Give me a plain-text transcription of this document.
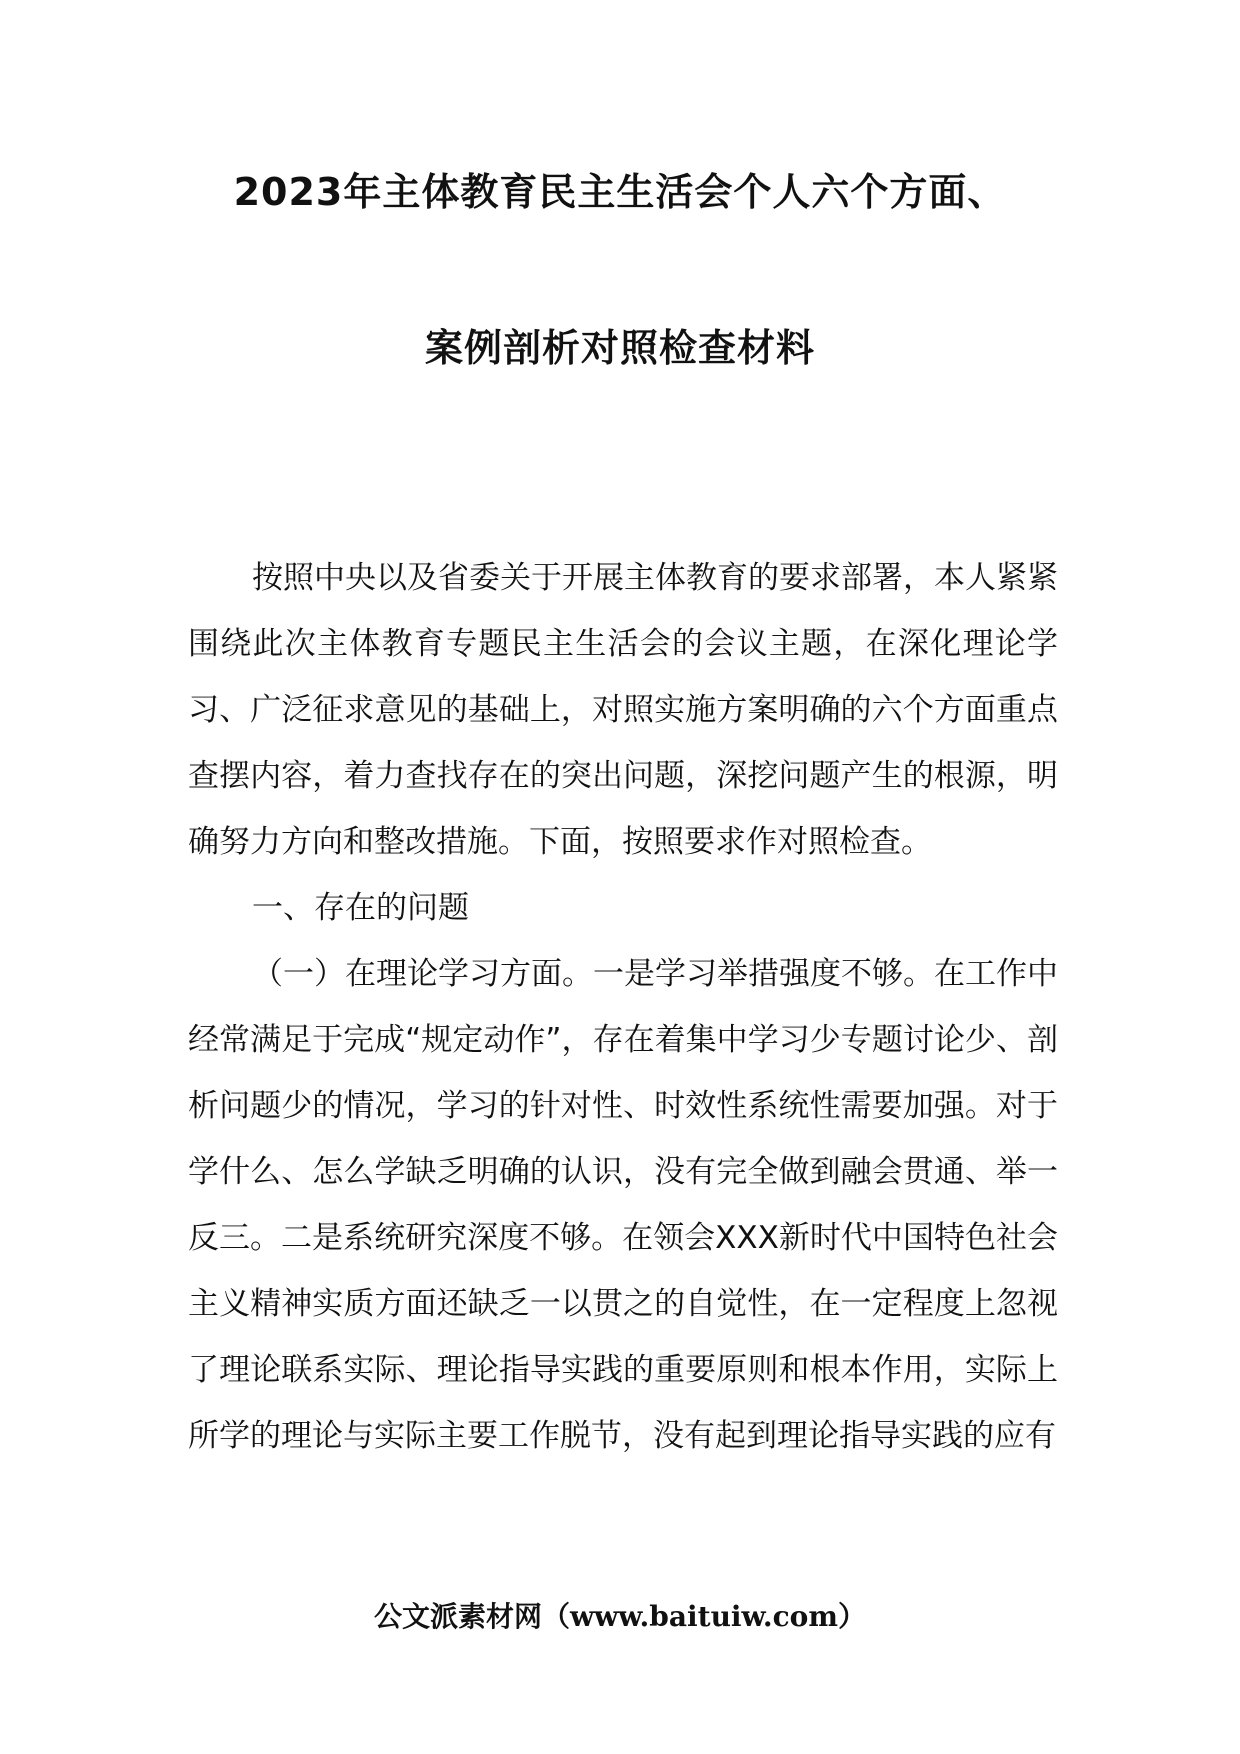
2023年主体教育民主生活会个人六个方面、
案例剖析对照检查材料

按照中央以及省委关于开展主体教育的要求部署，本人紧紧围绕此次主体教育专题民主生活会的会议主题，在深化理论学习、广泛征求意见的基础上，对照实施方案明确的六个方面重点查摆内容，着力查找存在的突出问题，深挖问题产生的根源，明确努力方向和整改措施。下面，按照要求作对照检查。

一、存在的问题

（一）在理论学习方面。一是学习举措强度不够。在工作中经常满足于完成“规定动作”，存在着集中学习少专题讨论少、剖析问题少的情况，学习的针对性、时效性系统性需要加强。对于学什么、怎么学缺乏明确的认识，没有完全做到融会贯通、举一反三。二是系统研究深度不够。在领会XXX新时代中国特色社会主义精神实质方面还缺乏一以贯之的自觉性，在一定程度上忽视了理论联系实际、理论指导实践的重要原则和根本作用，实际上所学的理论与实际主要工作脱节，没有起到理论指导实践的应有

公文派素材网（www.baituiw.com）
